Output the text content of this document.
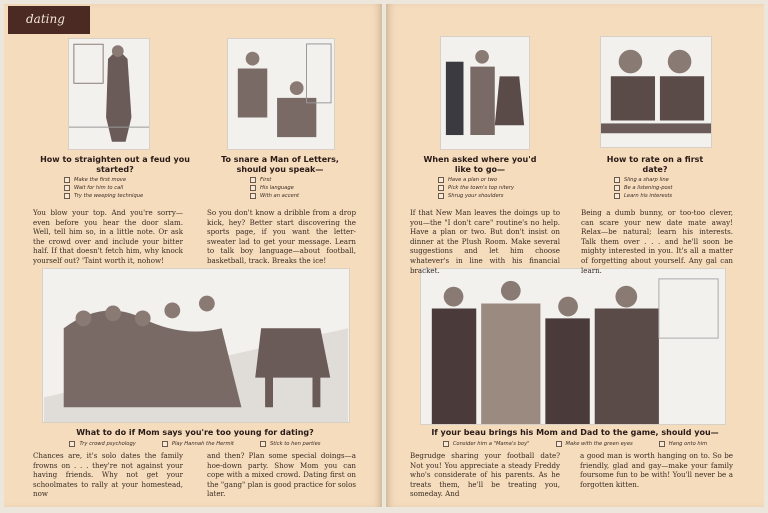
dating
How to straighten out a feud you started?
Make the first move
Wait for him to call
Try the weeping technique
You blow your top. And you're sorry—even before you hear the door slam. Well, tell him so, in a little note. Or ask the crowd over and include your bitter half. If that doesn't fetch him, why knock yourself out? 'Taint worth it, nohow!
To snare a Man of Letters, should you speak—
First
His language
With an accent
So you don't know a dribble from a drop kick, hey? Better start discovering the sports page, if you want the letter-sweater lad to get your message. Learn to talk boy language—about football, basketball, track. Breaks the ice!
When asked where you'd like to go—
Have a plan or two
Pick the town's top nitery
Shrug your shoulders
If that New Man leaves the doings up to you—the "I don't care" routine's no help. Have a plan or two. But don't insist on dinner at the Plush Room. Make several suggestions and let him choose whatever's in line with his financial bracket.
How to rate on a first date?
Sling a sharp line
Be a listening-post
Learn his interests
Being a dumb bunny, or too-too clever, can scare your new date mate away! Relax—be natural; learn his interests. Talk them over . . . and he'll soon be mighty interested in you. It's all a matter of forgetting about yourself. Any gal can learn.
What to do if Mom says you're too young for dating?
Try crowd psychology	Play Hannah the Hermit	Stick to hen parties
Chances are, it's solo dates the family frowns on . . . they're not against your having friends. Why not get your schoolmates to rally at your homestead, now
and then? Plan some special doings—a hoe-down party. Show Mom you can cope with a mixed crowd. Dating first on the "gang" plan is good practice for solos later.
If your beau brings his Mom and Dad to the game, should you—
Consider him a "Mama's boy"	Make with the green eyes	Hang onto him
Begrudge sharing your football date? Not you! You appreciate a steady Freddy who's considerate of his parents. As he treats them, he'll be treating you, someday. And
a good man is worth hanging on to. So be friendly, glad and gay—make your family foursome fun to be with! You'll never be a forgotten kitten.
